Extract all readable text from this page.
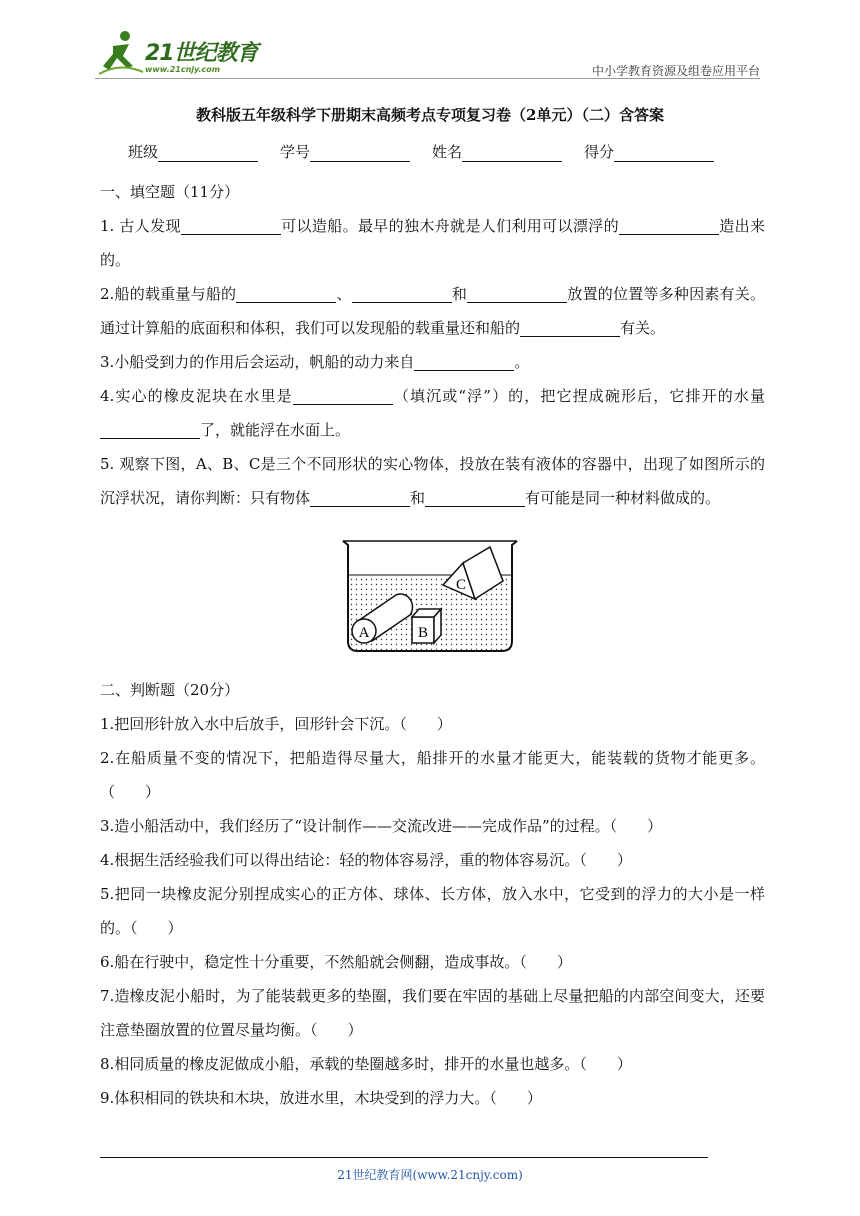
21世纪教育
www.21cnjy.com	中小学教育资源及组卷应用平台
教科版五年级科学下册期末高频考点专项复习卷（2单元）（二）含答案
班级	学号	姓名	得分
一、填空题（11分）
1. 古人发现	可以造船。最早的独木舟就是人们利用可以漂浮的	造出来的。
2.船的载重量与船的	、	和	放置的位置等多种因素有关。通过计算船的底面积和体积，我们可以发现船的载重量还和船的	有关。
3.小船受到力的作用后会运动，帆船的动力来自	。
4.实心的橡皮泥块在水里是	（填沉或“浮”）的，把它捏成碗形后，它排开的水量了，就能浮在水面上。
5. 观察下图，A、B、C是三个不同形状的实心物体，投放在装有液体的容器中，出现了如图所示的沉浮状况，请你判断：只有物体	和	有可能是同一种材料做成的。
A	B
C
二、判断题（20分）
1.把回形针放入水中后放手，回形针会下沉。（　　）
2.在船质量不变的情况下，把船造得尽量大，船排开的水量才能更大，能装载的货物才能更多。（　　）
3.造小船活动中，我们经历了“设计制作——交流改进——完成作品”的过程。（　　）
4.根据生活经验我们可以得出结论：轻的物体容易浮，重的物体容易沉。（　　）
5.把同一块橡皮泥分别捏成实心的正方体、球体、长方体，放入水中，它受到的浮力的大小是一样的。（　　）
6.船在行驶中，稳定性十分重要，不然船就会侧翻，造成事故。（　　）
7.造橡皮泥小船时，为了能装载更多的垫圈，我们要在牢固的基础上尽量把船的内部空间变大，还要注意垫圈放置的位置尽量均衡。（　　）
8.相同质量的橡皮泥做成小船，承载的垫圈越多时，排开的水量也越多。（　　）
9.体积相同的铁块和木块，放进水里，木块受到的浮力大。（　　）
21世纪教育网(www.21cnjy.com)
